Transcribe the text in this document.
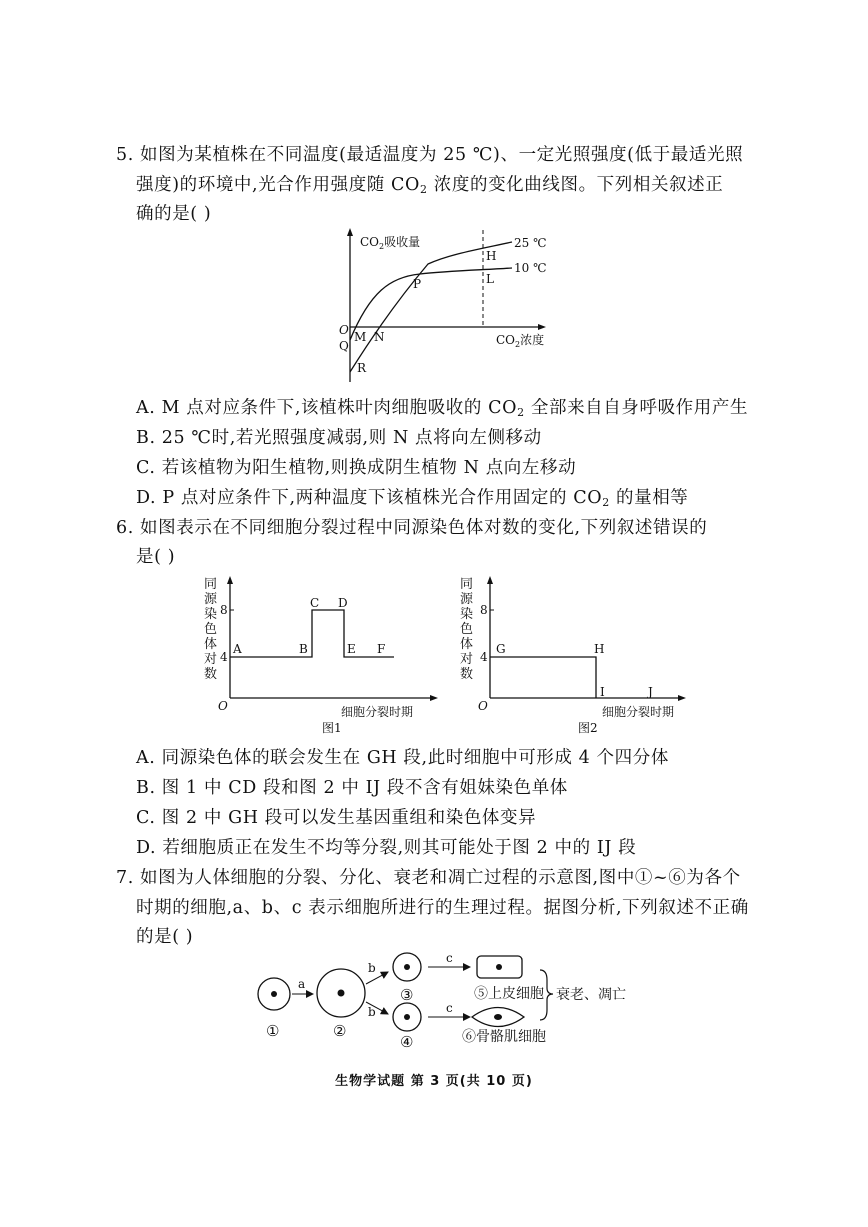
5. 如图为某植株在不同温度(最适温度为 25 ℃)、一定光照强度(低于最适光照
强度)的环境中,光合作用强度随 $CO_2$ 浓度的变化曲线图。下列相关叙述正
确的是( )
$CO_2$吸收量
$CO_2$浓度
25 ℃
10 ℃
O
Q
M N
R
P
H
L
A. M 点对应条件下,该植株叶肉细胞吸收的 $CO_2$ 全部来自自身呼吸作用产生
B. 25 ℃时,若光照强度减弱,则 N 点将向左侧移动
C. 若该植物为阳生植物,则换成阴生植物 N 点向左移动
D. P 点对应条件下,两种温度下该植株光合作用固定的 $CO_2$ 的量相等
6. 如图表示在不同细胞分裂过程中同源染色体对数的变化,下列叙述错误的
是( )
同
源
染
色
体
对
数
8
4
O
A	B
C D
E F
细胞分裂时期
图1
同
源
染
色
体
对
数
8
4
O
G	H
I	J
细胞分裂时期
图2
A. 同源染色体的联会发生在 GH 段,此时细胞中可形成 4 个四分体
B. 图 1 中 CD 段和图 2 中 IJ 段不含有姐妹染色单体
C. 图 2 中 GH 段可以发生基因重组和染色体变异
D. 若细胞质正在发生不均等分裂,则其可能处于图 2 中的 IJ 段
7. 如图为人体细胞的分裂、分化、衰老和凋亡过程的示意图,图中①~⑥为各个
时期的细胞,a、b、c 表示细胞所进行的生理过程。据图分析,下列叙述不正确
的是( )
①
a
②
b
b
③
④
c
c
⑤上皮细胞
⑥骨骼肌细胞
衰老、凋亡
生物学试题 第 3 页(共 10 页)
